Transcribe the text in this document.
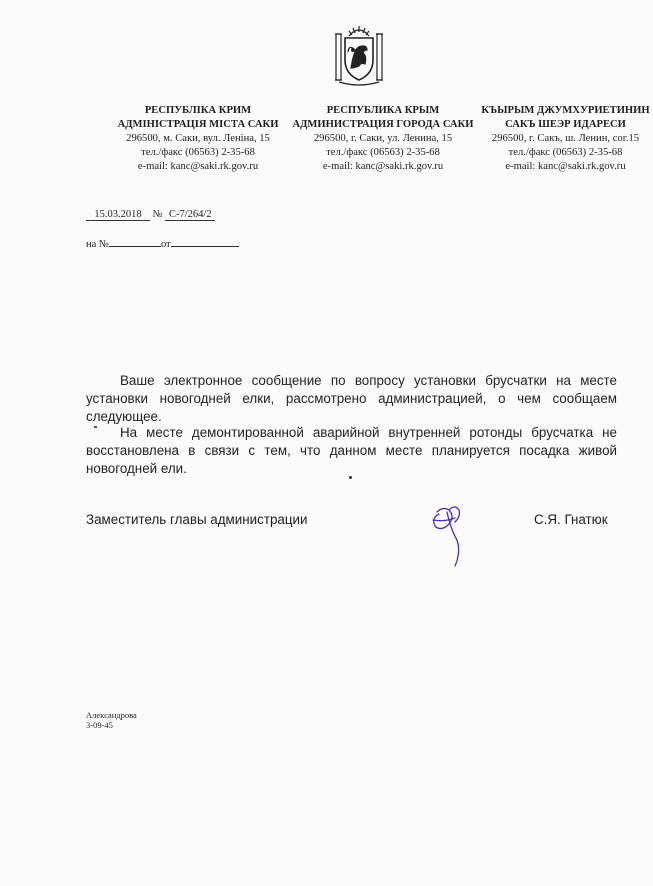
РЕСПУБЛІКА КРИМ
АДМІНІСТРАЦІЯ МІСТА САКИ
296500, м. Саки, вул. Леніна, 15
тел./факс (06563) 2-35-68
e-mail: kanc@saki.rk.gov.ru
РЕСПУБЛИКА КРЫМ
АДМИНИСТРАЦИЯ ГОРОДА САКИ
296500, г. Саки, ул. Ленина, 15
тел./факс (06563) 2-35-68
e-mail: kanc@saki.rk.gov.ru
КЪЫРЫМ ДЖУМХУРИЕТИНИН
САКЪ ШЕЭР ИДАРЕСИ
296500, г. Сакъ, ш. Ленин, сог.15
тел./факс (06563) 2-35-68
e-mail: kanc@saki.rk.gov.ru
15.03.2018 № С-7/264/2
на №	от

Ваше электронное сообщение по вопросу установки брусчатки на месте установки новогодней елки, рассмотрено администрацией, о чем сообщаем следующее.

На месте демонтированной аварийной внутренней ротонды брусчатка не восстановлена в связи с тем, что данном месте планируется посадка живой новогодней ели.

Заместитель главы администрации	С.Я. Гнатюк
Александрова
3-09-45
